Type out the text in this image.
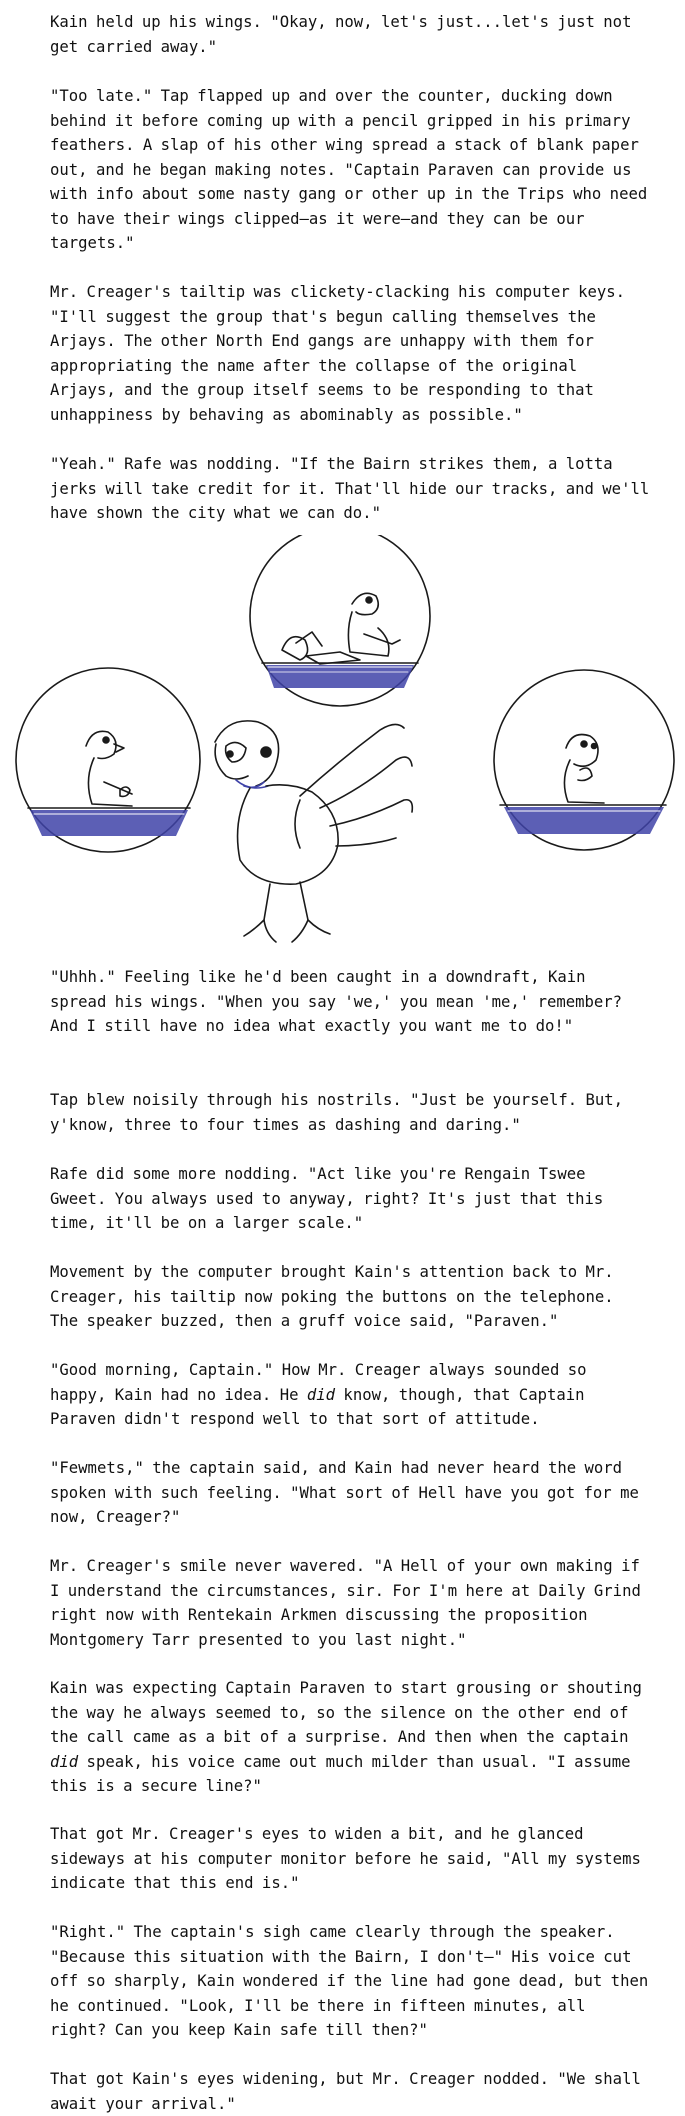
Kain held up his wings. "Okay, now, let's just...let's just not get carried away."

"Too late." Tap flapped up and over the counter, ducking down behind it before coming up with a pencil gripped in his primary feathers. A slap of his other wing spread a stack of blank paper out, and he began making notes. "Captain Paraven can provide us with info about some nasty gang or other up in the Trips who need to have their wings clipped—as it were—and they can be our targets."

Mr. Creager's tailtip was clickety-clacking his computer keys. "I'll suggest the group that's begun calling themselves the Arjays. The other North End gangs are unhappy with them for appropriating the name after the collapse of the original Arjays, and the group itself seems to be responding to that unhappiness by behaving as abominably as possible."

"Yeah." Rafe was nodding. "If the Bairn strikes them, a lotta jerks will take credit for it. That'll hide our tracks, and we'll have shown the city what we can do."

"Uhhh." Feeling like he'd been caught in a downdraft, Kain spread his wings. "When you say 'we,' you mean 'me,' remember? And I still have no idea what exactly you want me to do!"

Tap blew noisily through his nostrils. "Just be yourself. But, y'know, three to four times as dashing and daring."

Rafe did some more nodding. "Act like you're Rengain Tswee Gweet. You always used to anyway, right? It's just that this time, it'll be on a larger scale."

Movement by the computer brought Kain's attention back to Mr. Creager, his tailtip now poking the buttons on the telephone. The speaker buzzed, then a gruff voice said, "Paraven."

"Good morning, Captain." How Mr. Creager always sounded so happy, Kain had no idea. He did know, though, that Captain Paraven didn't respond well to that sort of attitude.

"Fewmets," the captain said, and Kain had never heard the word spoken with such feeling. "What sort of Hell have you got for me now, Creager?"

Mr. Creager's smile never wavered. "A Hell of your own making if I understand the circumstances, sir. For I'm here at Daily Grind right now with Rentekain Arkmen discussing the proposition Montgomery Tarr presented to you last night."

Kain was expecting Captain Paraven to start grousing or shouting the way he always seemed to, so the silence on the other end of the call came as a bit of a surprise. And then when the captain did speak, his voice came out much milder than usual. "I assume this is a secure line?"

That got Mr. Creager's eyes to widen a bit, and he glanced sideways at his computer monitor before he said, "All my systems indicate that this end is."

"Right." The captain's sigh came clearly through the speaker. "Because this situation with the Bairn, I don't—" His voice cut off so sharply, Kain wondered if the line had gone dead, but then he continued. "Look, I'll be there in fifteen minutes, all right? Can you keep Kain safe till then?"

That got Kain's eyes widening, but Mr. Creager nodded. "We shall await your arrival."
